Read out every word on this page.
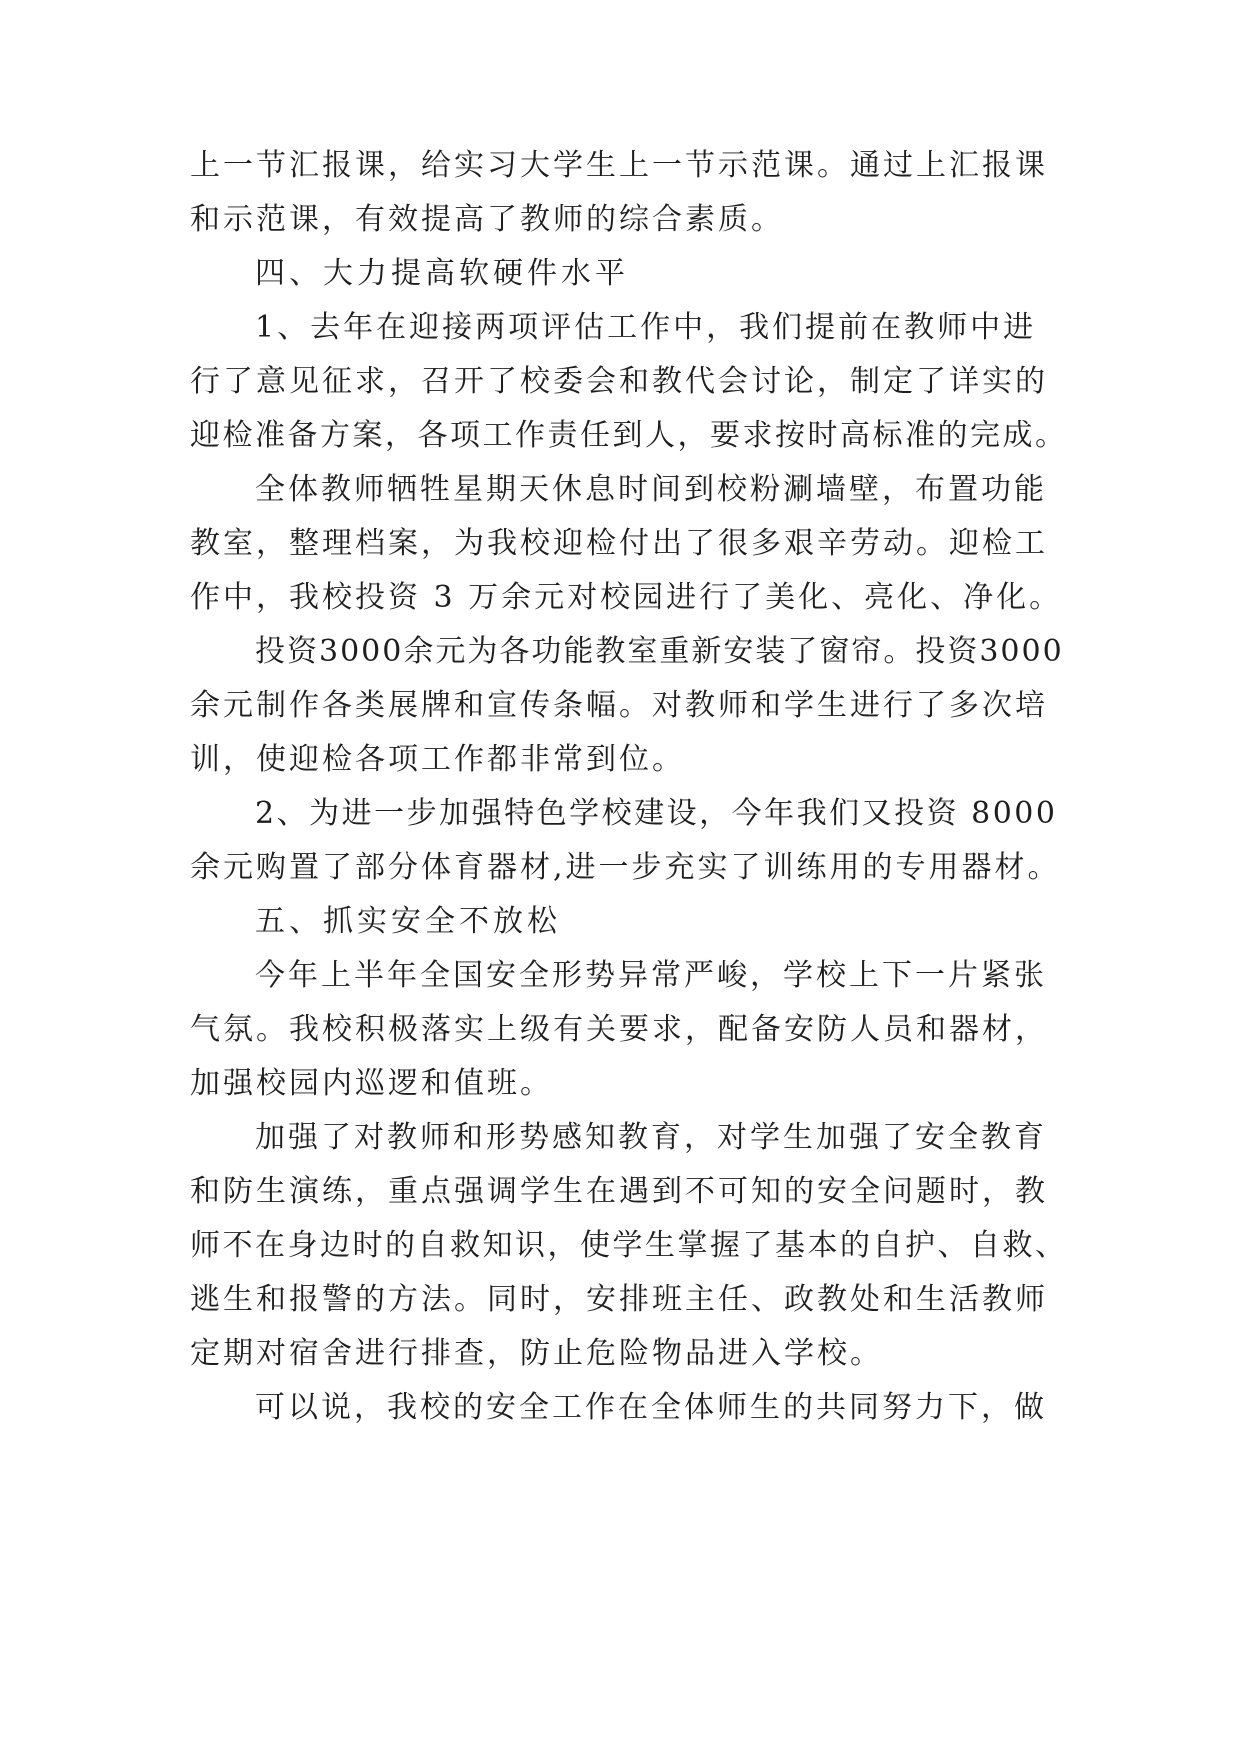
上一节汇报课，给实习大学生上一节示范课。通过上汇报课
和示范课，有效提高了教师的综合素质。
四、大力提高软硬件水平
1、去年在迎接两项评估工作中，我们提前在教师中进
行了意见征求，召开了校委会和教代会讨论，制定了详实的
迎检准备方案，各项工作责任到人，要求按时高标准的完成。
全体教师牺牲星期天休息时间到校粉涮墙壁，布置功能
教室，整理档案，为我校迎检付出了很多艰辛劳动。迎检工
作中，我校投资 3 万余元对校园进行了美化、亮化、净化。
投资3000余元为各功能教室重新安装了窗帘。投资3000
余元制作各类展牌和宣传条幅。对教师和学生进行了多次培
训，使迎检各项工作都非常到位。
2、为进一步加强特色学校建设，今年我们又投资 8000
余元购置了部分体育器材,进一步充实了训练用的专用器材。
五、抓实安全不放松
今年上半年全国安全形势异常严峻，学校上下一片紧张
气氛。我校积极落实上级有关要求，配备安防人员和器材，
加强校园内巡逻和值班。
加强了对教师和形势感知教育，对学生加强了安全教育
和防生演练，重点强调学生在遇到不可知的安全问题时，教
师不在身边时的自救知识，使学生掌握了基本的自护、自救、
逃生和报警的方法。同时，安排班主任、政教处和生活教师
定期对宿舍进行排查，防止危险物品进入学校。
可以说，我校的安全工作在全体师生的共同努力下，做
